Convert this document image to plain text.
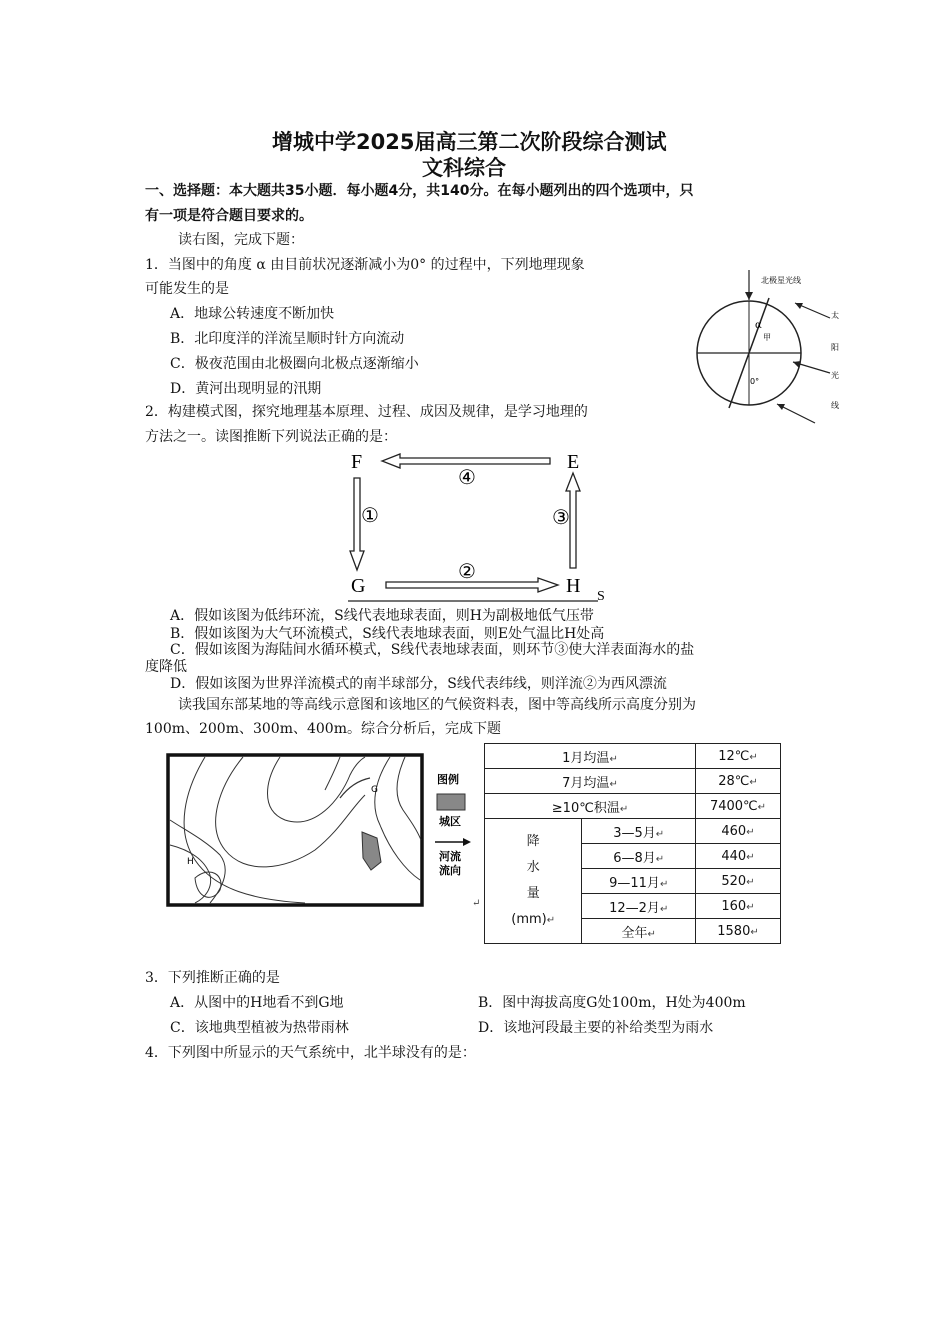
增城中学2025届高三第二次阶段综合测试
文科综合
一、选择题：本大题共35小题．每小题4分，共140分。在每小题列出的四个选项中，只
有一项是符合题目要求的。
读右图，完成下题：
1．当图中的角度 α 由目前状况逐渐减小为0° 的过程中，下列地理现象
可能发生的是
A．地球公转速度不断加快
B．北印度洋的洋流呈顺时针方向流动
C．极夜范围由北极圈向北极点逐渐缩小
D．黄河出现明显的汛期
北极星光线
α
甲
0°
太
阳
光
线
2．构建模式图，探究地理基本原理、过程、成因及规律，是学习地理的
方法之一。读图推断下列说法正确的是：
F	E
G	H S
④
①
②
③
A．假如该图为低纬环流，S线代表地球表面，则H为副极地低气压带
B．假如该图为大气环流模式，S线代表地球表面，则E处气温比H处高
C．假如该图为海陆间水循环模式，S线代表地球表面，则环节③使大洋表面海水的盐
度降低
D．假如该图为世界洋流模式的南半球部分，S线代表纬线，则洋流②为西风漂流
读我国东部某地的等高线示意图和该地区的气候资料表，图中等高线所示高度分别为
100m、200m、300m、400m。综合分析后，完成下题
G
H
图例
城区
河流
流向
↵
1月均温↵		12℃↵
7月均温↵		28℃↵
≥10℃积温↵		7400℃↵

降
水
量
(mm)↵	3—5月↵	460↵
	6—8月↵	440↵
	9—11月↵	520↵
	12—2月↵	160↵
	全年↵	1580↵
3．下列推断正确的是
A．从图中的H地看不到G地	B．图中海拔高度G处100m，H处为400m
C．该地典型植被为热带雨林	D．该地河段最主要的补给类型为雨水
4．下列图中所显示的天气系统中，北半球没有的是：
